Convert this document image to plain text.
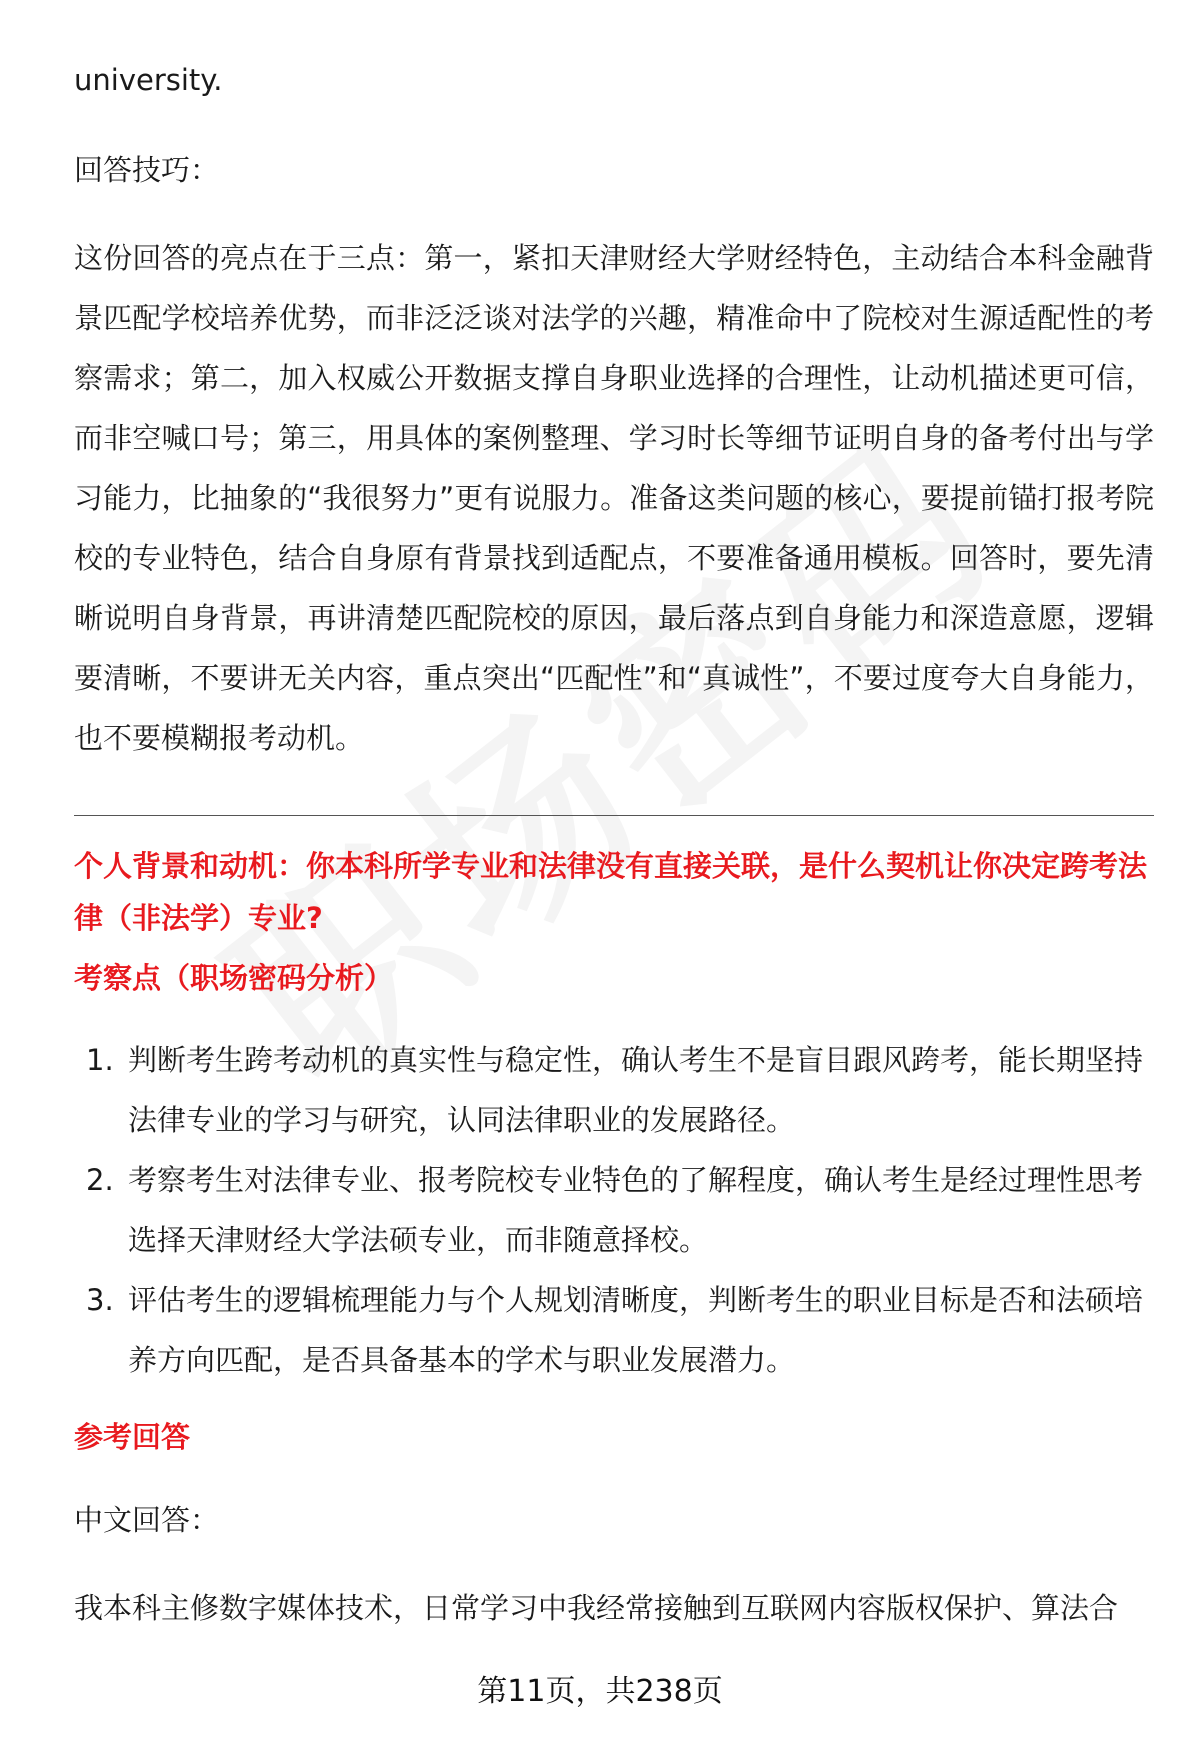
university.

回答技巧：

这份回答的亮点在于三点：第一，紧扣天津财经大学财经特色，主动结合本科金融背景匹配学校培养优势，而非泛泛谈对法学的兴趣，精准命中了院校对生源适配性的考察需求；第二，加入权威公开数据支撑自身职业选择的合理性，让动机描述更可信，而非空喊口号；第三，用具体的案例整理、学习时长等细节证明自身的备考付出与学习能力，比抽象的“我很努力”更有说服力。准备这类问题的核心，要提前锚打报考院校的专业特色，结合自身原有背景找到适配点，不要准备通用模板。回答时，要先清晰说明自身背景，再讲清楚匹配院校的原因，最后落点到自身能力和深造意愿，逻辑要清晰，不要讲无关内容，重点突出“匹配性”和“真诚性”，不要过度夸大自身能力，也不要模糊报考动机。

个人背景和动机：你本科所学专业和法律没有直接关联，是什么契机让你决定跨考法律（非法学）专业?

考察点（职场密码分析）

1. 判断考生跨考动机的真实性与稳定性，确认考生不是盲目跟风跨考，能长期坚持法律专业的学习与研究，认同法律职业的发展路径。
2. 考察考生对法律专业、报考院校专业特色的了解程度，确认考生是经过理性思考选择天津财经大学法硕专业，而非随意择校。
3. 评估考生的逻辑梳理能力与个人规划清晰度，判断考生的职业目标是否和法硕培养方向匹配，是否具备基本的学术与职业发展潜力。

参考回答

中文回答：

我本科主修数字媒体技术，日常学习中我经常接触到互联网内容版权保护、算法合

第11页，共238页
